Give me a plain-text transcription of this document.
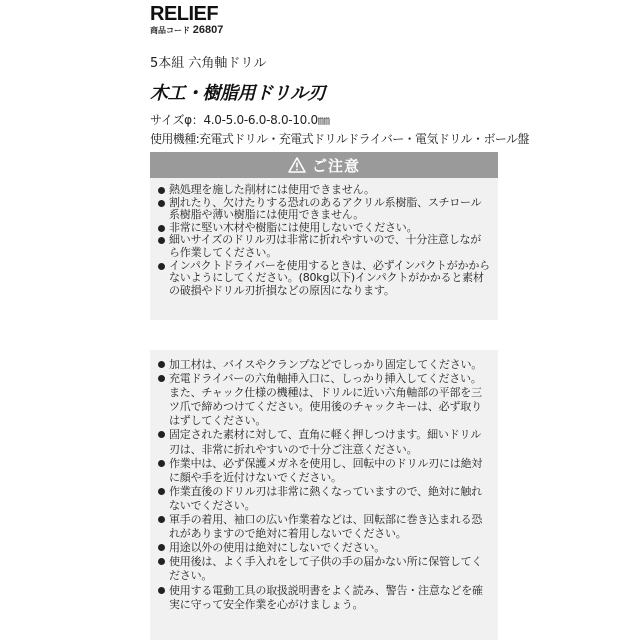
RELIEF
商品コード 26807
5本組 六角軸ドリル
木工・樹脂用ドリル刃
サイズφ：4.0-5.0-6.0-8.0-10.0㎜
使用機種:充電式ドリル・充電式ドリルドライバー・電気ドリル・ボール盤
ご注意
熱処理を施した削材には使用できません。
割れたり、欠けたりする恐れのあるアクリル系樹脂、スチロール系樹脂や薄い樹脂には使用できません。
非常に堅い木材や樹脂には使用しないでください。
細いサイズのドリル刃は非常に折れやすいので、十分注意しながら作業してください。
インパクトドライバーを使用するときは、必ずインパクトがかからないようにしてください。(80kg以下)インパクトがかかると素材の破損やドリル刃折損などの原因になります。
加工材は、バイスやクランプなどでしっかり固定してください。
充電ドライバーの六角軸挿入口に、しっかり挿入してください。また、チャック仕様の機種は、ドリルに近い六角軸部の平部を三ツ爪で締めつけてください。使用後のチャックキーは、必ず取りはずしてください。
固定された素材に対して、直角に軽く押しつけます。細いドリル刃は、非常に折れやすいので十分ご注意ください。
作業中は、必ず保護メガネを使用し、回転中のドリル刃には絶対に顔や手を近付けないでください。
作業直後のドリル刃は非常に熱くなっていますので、絶対に触れないでください。
軍手の着用、袖口の広い作業着などは、回転部に巻き込まれる恐れがありますので絶対に着用しないでください。
用途以外の使用は絶対にしないでください。
使用後は、よく手入れをして子供の手の届かない所に保管してください。
使用する電動工具の取扱説明書をよく読み、警告・注意などを確実に守って安全作業を心がけましょう。
